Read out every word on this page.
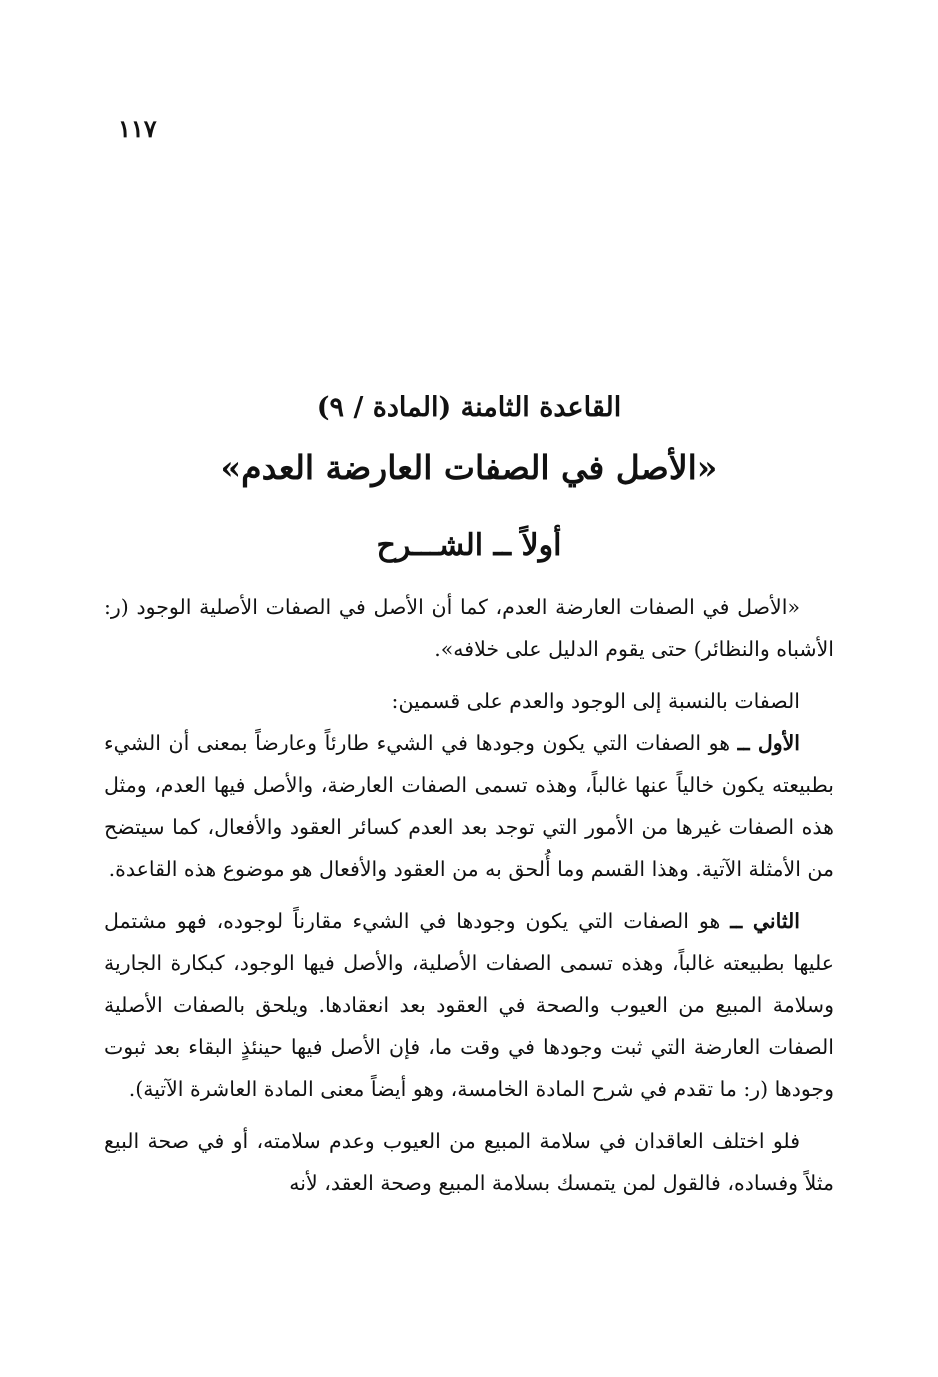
١١٧
القاعدة الثامنة (المادة / ٩)
«الأصل في الصفات العارضة العدم»
أولاً ــ الشـــرح

«الأصل في الصفات العارضة العدم، كما أن الأصل في الصفات الأصلية الوجود (ر: الأشباه والنظائر) حتى يقوم الدليل على خلافه».

الصفات بالنسبة إلى الوجود والعدم على قسمين:

الأول ــ هو الصفات التي يكون وجودها في الشيء طارئاً وعارضاً بمعنى أن الشيء بطبيعته يكون خالياً عنها غالباً، وهذه تسمى الصفات العارضة، والأصل فيها العدم، ومثل هذه الصفات غيرها من الأمور التي توجد بعد العدم كسائر العقود والأفعال، كما سيتضح من الأمثلة الآتية. وهذا القسم وما أُلحق به من العقود والأفعال هو موضوع هذه القاعدة.

الثاني ــ هو الصفات التي يكون وجودها في الشيء مقارناً لوجوده، فهو مشتمل عليها بطبيعته غالباً، وهذه تسمى الصفات الأصلية، والأصل فيها الوجود، كبكارة الجارية وسلامة المبيع من العيوب والصحة في العقود بعد انعقادها. ويلحق بالصفات الأصلية الصفات العارضة التي ثبت وجودها في وقت ما، فإن الأصل فيها حينئذٍ البقاء بعد ثبوت وجودها (ر: ما تقدم في شرح المادة الخامسة، وهو أيضاً معنى المادة العاشرة الآتية).

فلو اختلف العاقدان في سلامة المبيع من العيوب وعدم سلامته، أو في صحة البيع مثلاً وفساده، فالقول لمن يتمسك بسلامة المبيع وصحة العقد، لأنه
